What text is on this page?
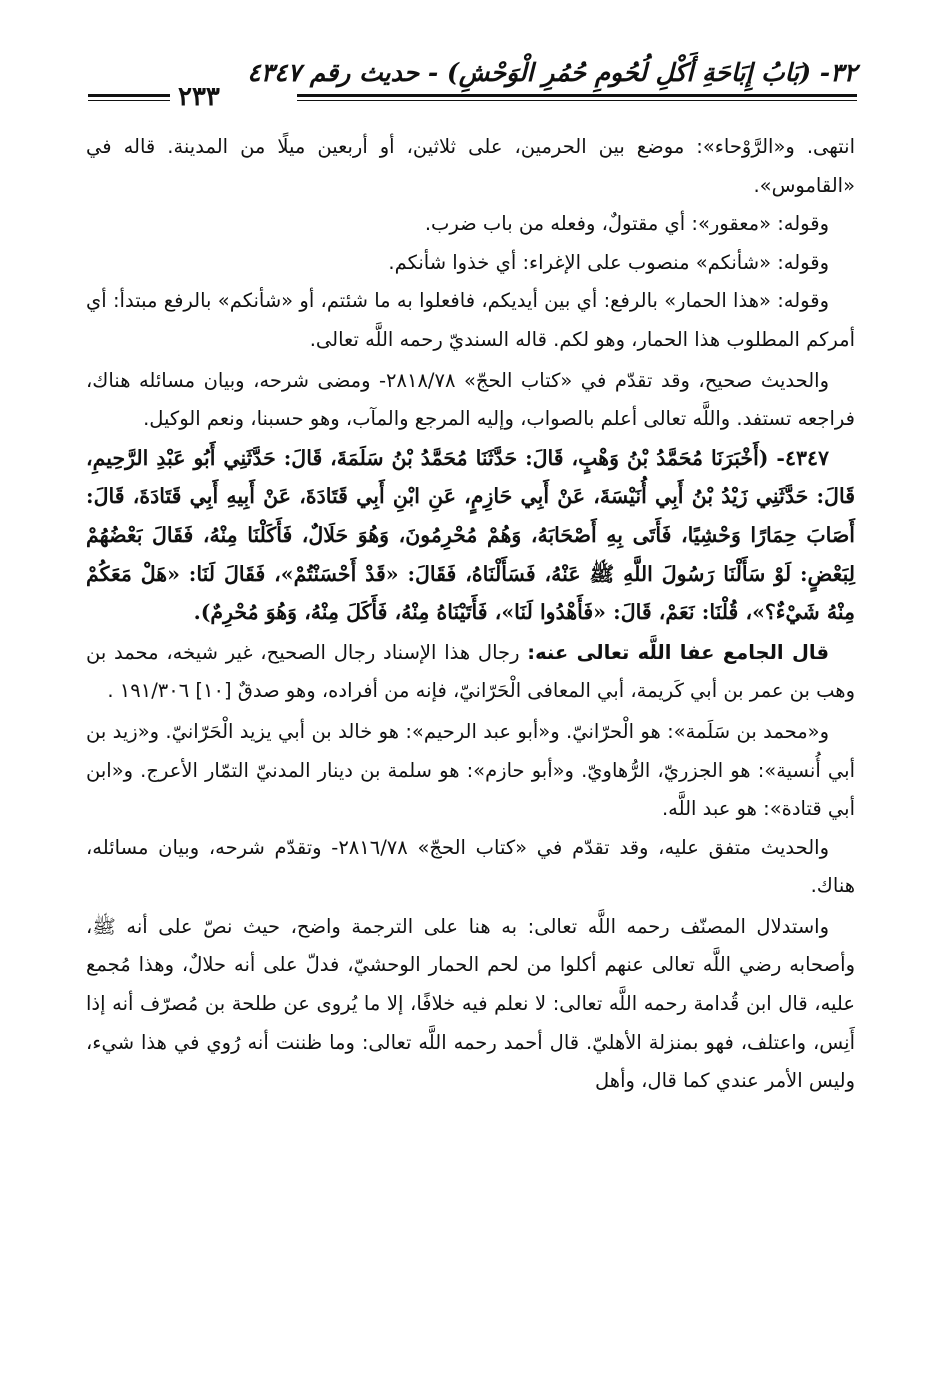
٣٢- (بَابُ إِبَاحَةِ أَكْلِ لُحُومِ حُمُرِ الْوَحْشِ) - حديث رقم ٤٣٤٧
٢٣٣

انتهى. و«الرَّوْحاء»: موضع بين الحرمين، على ثلاثين، أو أربعين ميلًا من المدينة. قاله في «القاموس».

وقوله: «معقور»: أي مقتولٌ، وفعله من باب ضرب.

وقوله: «شأنكم» منصوب على الإغراء: أي خذوا شأنكم.

وقوله: «هذا الحمار» بالرفع: أي بين أيديكم، فافعلوا به ما شئتم، أو «شأنكم» بالرفع مبتدأ: أي أمركم المطلوب هذا الحمار، وهو لكم. قاله السنديّ رحمه اللَّه تعالى.

والحديث صحيح، وقد تقدّم في «كتاب الحجّ» ٢٨١٨/٧٨- ومضى شرحه، وبيان مسائله هناك، فراجعه تستفد. واللَّه تعالى أعلم بالصواب، وإليه المرجع والمآب، وهو حسبنا، ونعم الوكيل.

٤٣٤٧- (أَخْبَرَنَا مُحَمَّدُ بْنُ وَهْبٍ، قَالَ: حَدَّثَنَا مُحَمَّدُ بْنُ سَلَمَةَ، قَالَ: حَدَّثَنِي أَبُو عَبْدِ الرَّحِيمِ، قَالَ: حَدَّثَنِي زَيْدُ بْنُ أَبِي أُنَيْسَةَ، عَنْ أَبِي حَازِمٍ، عَنِ ابْنِ أَبِي قَتَادَةَ، عَنْ أَبِيهِ أَبِي قَتَادَةَ، قَالَ: أَصَابَ حِمَارًا وَحْشِيًا، فَأَتَى بِهِ أَصْحَابَهُ، وَهُمْ مُحْرِمُونَ، وَهُوَ حَلَالٌ، فَأَكَلْنَا مِنْهُ، فَقَالَ بَعْضُهُمْ لِبَعْضٍ: لَوْ سَأَلْنَا رَسُولَ اللَّهِ ﷺ عَنْهُ، فَسَأَلْنَاهُ، فَقَالَ: «قَدْ أَحْسَنْتُمْ»، فَقَالَ لَنَا: «هَلْ مَعَكُمْ مِنْهُ شَيْءٌ؟»، قُلْنَا: نَعَمْ، قَالَ: «فَأَهْدُوا لَنَا»، فَأَتَيْنَاهُ مِنْهُ، فَأَكَلَ مِنْهُ، وَهُوَ مُحْرِمٌ).

قال الجامع عفا اللَّه تعالى عنه: رجال هذا الإسناد رجال الصحيح، غير شيخه، محمد بن وهب بن عمر بن أبي كَريمة، أبي المعافى الْحَرّانيّ، فإنه من أفراده، وهو صدقٌ [١٠] ١٩١/٣٠٦ .

و«محمد بن سَلَمة»: هو الْحرّانيّ. و«أبو عبد الرحيم»: هو خالد بن أبي يزيد الْحَرّانيّ. و«زيد بن أبي أُنسية»: هو الجزريّ، الرُّهاويّ. و«أبو حازم»: هو سلمة بن دينار المدنيّ التمّار الأعرج. و«ابن أبي قتادة»: هو عبد اللَّه.

والحديث متفق عليه، وقد تقدّم في «كتاب الحجّ» ٢٨١٦/٧٨- وتقدّم شرحه، وبيان مسائله، هناك.

واستدلال المصنّف رحمه اللَّه تعالى: به هنا على الترجمة واضح، حيث نصّ على أنه ﷺ، وأصحابه رضي اللَّه تعالى عنهم أكلوا من لحم الحمار الوحشيّ، فدلّ على أنه حلالٌ، وهذا مُجمع عليه، قال ابن قُدامة رحمه اللَّه تعالى: لا نعلم فيه خلافًا، إلا ما يُروى عن طلحة بن مُصرّف أنه إذا أَنِس، واعتلف، فهو بمنزلة الأهليّ. قال أحمد رحمه اللَّه تعالى: وما ظننت أنه رُوي في هذا شيء، وليس الأمر عندي كما قال، وأهل
